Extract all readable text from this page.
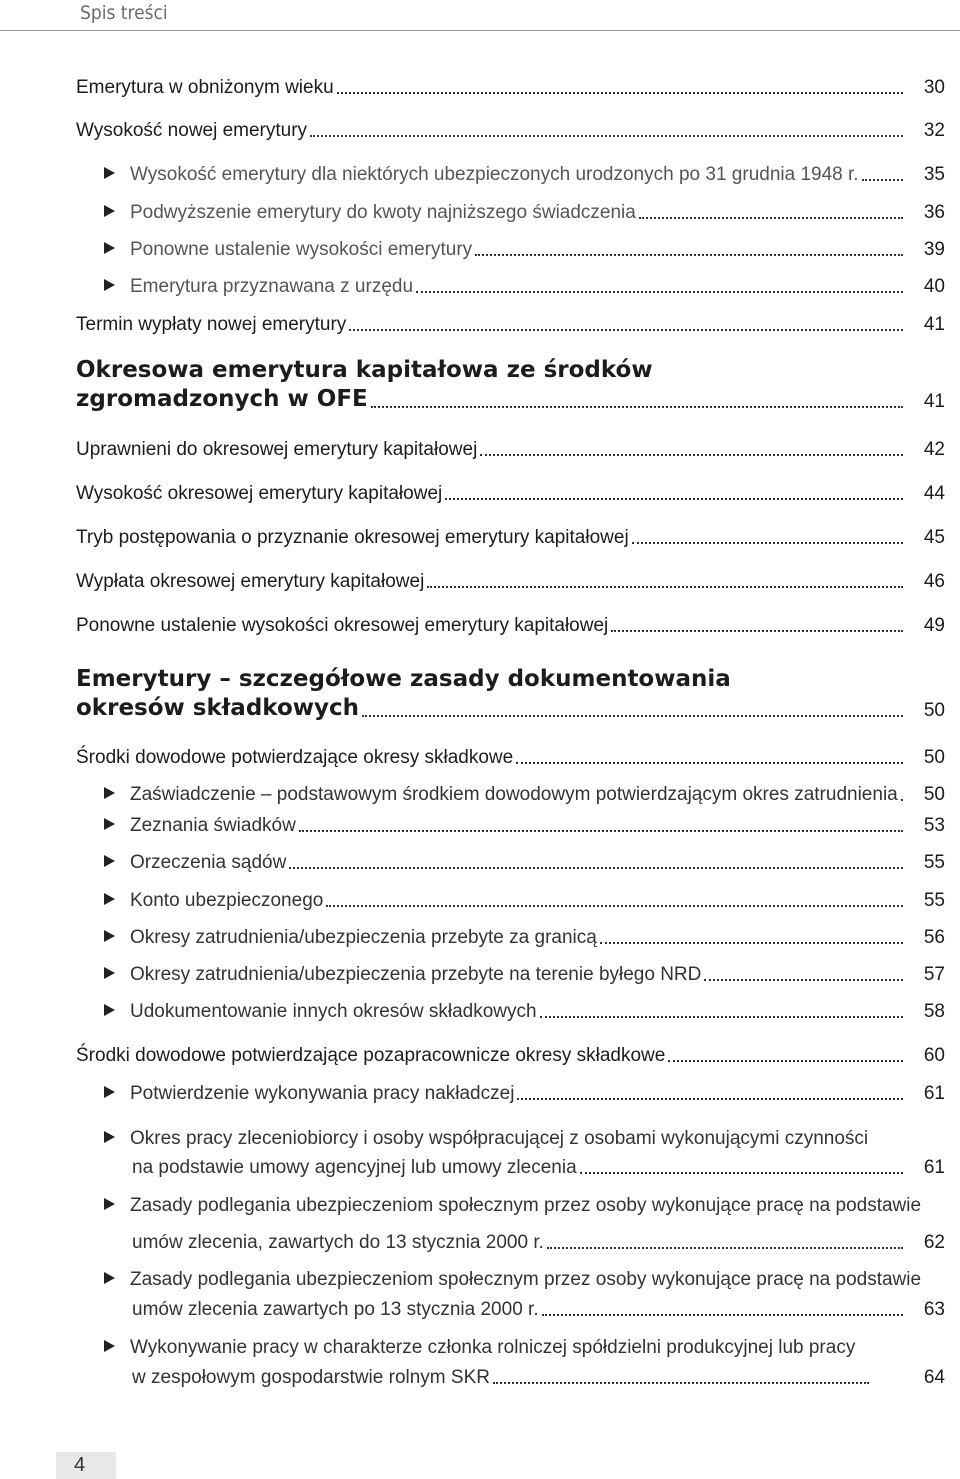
Spis treści
Emerytura w obniżonym wieku	30
Wysokość nowej emerytury	32
Wysokość emerytury dla niektórych ubezpieczonych urodzonych po 31 grudnia 1948 r.	35
Podwyższenie emerytury do kwoty najniższego świadczenia	36
Ponowne ustalenie wysokości emerytury	39
Emerytura przyznawana z urzędu	40
Termin wypłaty nowej emerytury	41
Okresowa emerytura kapitałowa ze środków
zgromadzonych w OFE	41
Uprawnieni do okresowej emerytury kapitałowej	42
Wysokość okresowej emerytury kapitałowej	44
Tryb postępowania o przyznanie okresowej emerytury kapitałowej	45
Wypłata okresowej emerytury kapitałowej	46
Ponowne ustalenie wysokości okresowej emerytury kapitałowej	49
Emerytury – szczegółowe zasady dokumentowania
okresów składkowych	50
Środki dowodowe potwierdzające okresy składkowe	50
Zaświadczenie – podstawowym środkiem dowodowym potwierdzającym okres zatrudnienia	50
Zeznania świadków	53
Orzeczenia sądów	55
Konto ubezpieczonego	55
Okresy zatrudnienia/ubezpieczenia przebyte za granicą	56
Okresy zatrudnienia/ubezpieczenia przebyte na terenie byłego NRD	57
Udokumentowanie innych okresów składkowych	58
Środki dowodowe potwierdzające pozapracownicze okresy składkowe	60
Potwierdzenie wykonywania pracy nakładczej	61
Okres pracy zleceniobiorcy i osoby współpracującej z osobami wykonującymi czynności
na podstawie umowy agencyjnej lub umowy zlecenia	61
Zasady podlegania ubezpieczeniom społecznym przez osoby wykonujące pracę na podstawie
umów zlecenia, zawartych do 13 stycznia 2000 r.	62
Zasady podlegania ubezpieczeniom społecznym przez osoby wykonujące pracę na podstawie
umów zlecenia zawartych po 13 stycznia 2000 r.	63
Wykonywanie pracy w charakterze członka rolniczej spółdzielni produkcyjnej lub pracy
w zespołowym gospodarstwie rolnym SKR	64
4
